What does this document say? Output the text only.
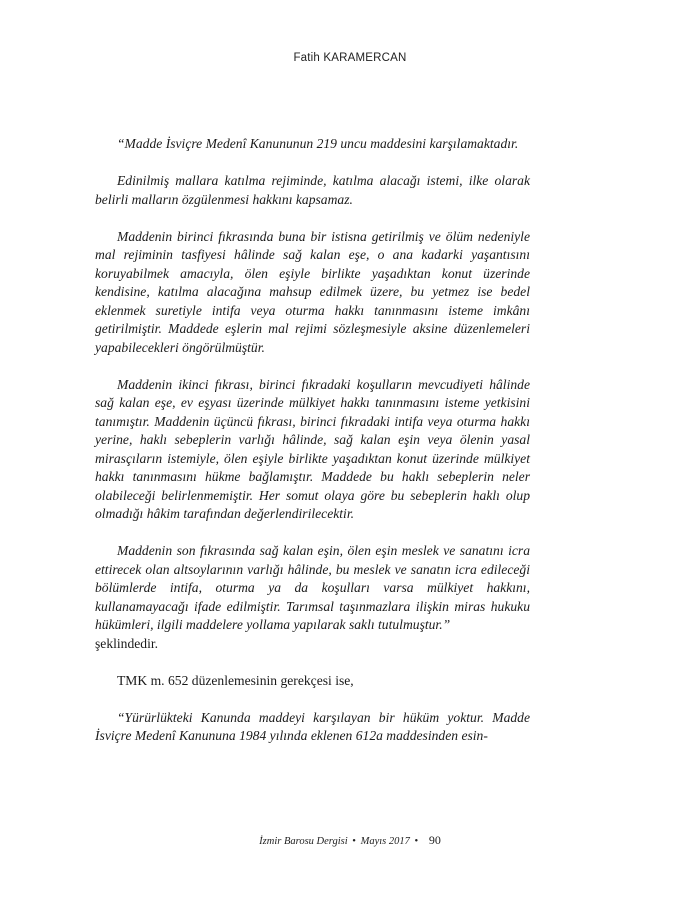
Fatih KARAMERCAN

“Madde İsviçre Medenî Kanununun 219 uncu maddesini karşılamaktadır.

Edinilmiş mallara katılma rejiminde, katılma alacağı istemi, ilke olarak belirli malların özgülenmesi hakkını kapsamaz.

Maddenin birinci fıkrasında buna bir istisna getirilmiş ve ölüm nedeniyle mal rejiminin tasfiyesi hâlinde sağ kalan eşe, o ana kadarki yaşantısını koruyabilmek amacıyla, ölen eşiyle birlikte yaşadıktan konut üzerinde kendisine, katılma alacağına mahsup edilmek üzere, bu yetmez ise bedel eklenmek suretiyle intifa veya oturma hakkı tanınmasını isteme imkânı getirilmiştir. Maddede eşlerin mal rejimi sözleşmesiyle aksine düzenlemeleri yapabilecekleri öngörülmüştür.

Maddenin ikinci fıkrası, birinci fıkradaki koşulların mevcudiyeti hâlinde sağ kalan eşe, ev eşyası üzerinde mülkiyet hakkı tanınmasını isteme yetkisini tanımıştır. Maddenin üçüncü fıkrası, birinci fıkradaki intifa veya oturma hakkı yerine, haklı sebeplerin varlığı hâlinde, sağ kalan eşin veya ölenin yasal mirasçıların istemiyle, ölen eşiyle birlikte yaşadıktan konut üzerinde mülkiyet hakkı tanınmasını hükme bağlamıştır. Maddede bu haklı sebeplerin neler olabileceği belirlenmemiştir. Her somut olaya göre bu sebeplerin haklı olup olmadığı hâkim tarafından değerlendirilecektir.

Maddenin son fıkrasında sağ kalan eşin, ölen eşin meslek ve sanatını icra ettirecek olan altsoylarının varlığı hâlinde, bu meslek ve sanatın icra edileceği bölümlerde intifa, oturma ya da koşulları varsa mülkiyet hakkını, kullanamayacağı ifade edilmiştir. Tarımsal taşınmazlara ilişkin miras hukuku hükümleri, ilgili maddelere yollama yapılarak saklı tutulmuştur.”

şeklindedir.

TMK m. 652 düzenlemesinin gerekçesi ise,

“Yürürlükteki Kanunda maddeyi karşılayan bir hüküm yoktur. Madde İsviçre Medenî Kanununa 1984 yılında eklenen 612a maddesinden esin-

İzmir Barosu Dergisi • Mayıs 2017 • 90
